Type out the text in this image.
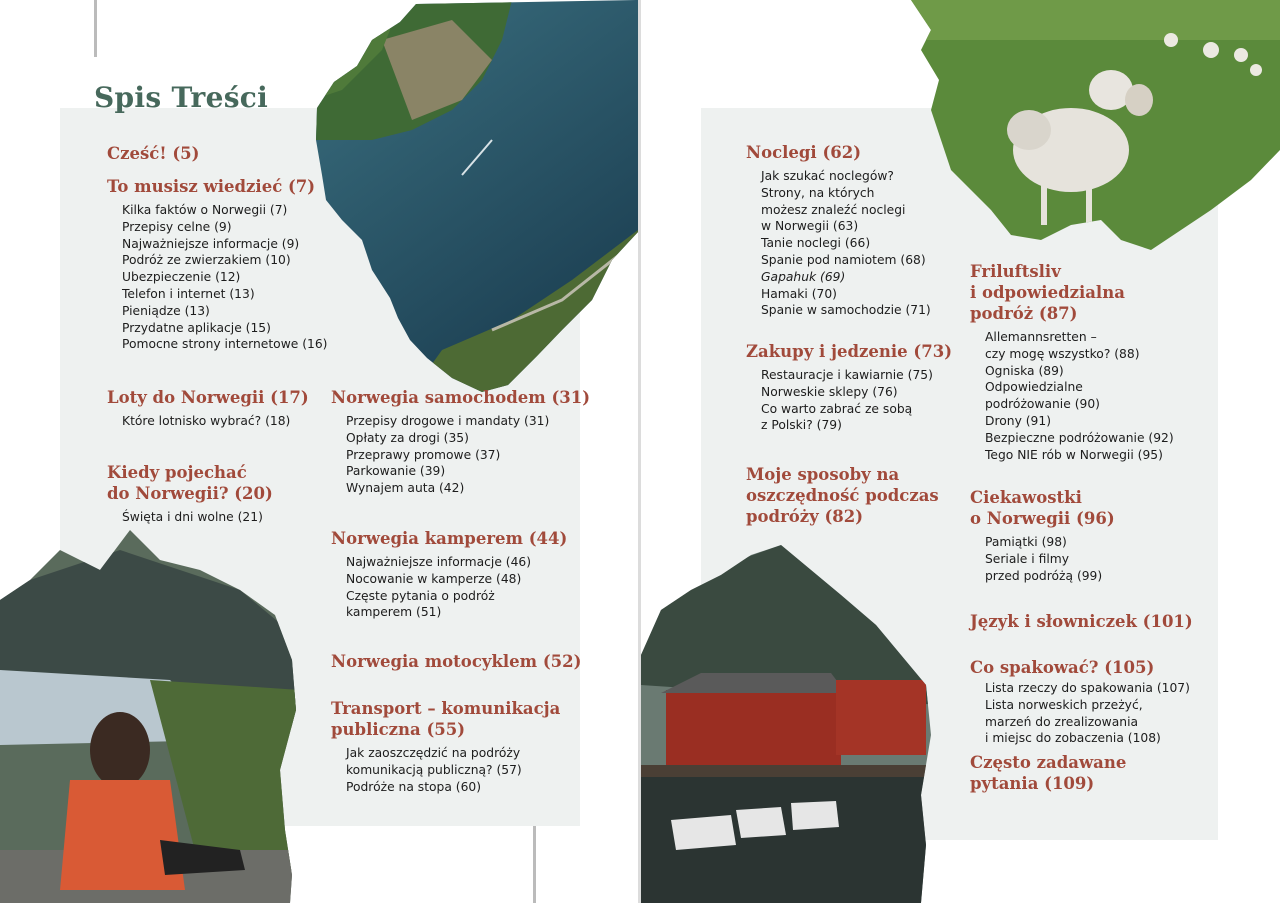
Spis Treści

Cześć! (5)

To musisz wiedzieć (7)

Kilka faktów o Norwegii (7)
Przepisy celne (9)
Najważniejsze informacje (9)
Podróż ze zwierzakiem (10)
Ubezpieczenie (12)
Telefon i internet (13)
Pieniądze (13)
Przydatne aplikacje (15)
Pomocne strony internetowe (16)

Loty do Norwegii (17)

Które lotnisko wybrać? (18)

Kiedy pojechać
do Norwegii? (20)

Święta i dni wolne (21)

Norwegia samochodem (31)

Przepisy drogowe i mandaty (31)
Opłaty za drogi (35)
Przeprawy promowe (37)
Parkowanie (39)
Wynajem auta (42)

Norwegia kamperem (44)

Najważniejsze informacje (46)
Nocowanie w kamperze (48)
Częste pytania o podróż
kamperem (51)

Norwegia motocyklem (52)

Transport – komunikacja
publiczna (55)

Jak zaoszczędzić na podróży
komunikacją publiczną? (57)
Podróże na stopa (60)

Noclegi (62)

Jak szukać noclegów?
Strony, na których
możesz znaleźć noclegi
w Norwegii (63)
Tanie noclegi (66)
Spanie pod namiotem (68)
Gapahuk (69)
Hamaki (70)
Spanie w samochodzie (71)

Zakupy i jedzenie (73)

Restauracje i kawiarnie (75)
Norweskie sklepy (76)
Co warto zabrać ze sobą
z Polski? (79)

Moje sposoby na
oszczędność podczas
podróży (82)

Friluftsliv
i odpowiedzialna
podróż (87)

Allemannsretten –
czy mogę wszystko? (88)
Ogniska (89)
Odpowiedzialne
podróżowanie (90)
Drony (91)
Bezpieczne podróżowanie (92)
Tego NIE rób w Norwegii (95)

Ciekawostki
o Norwegii (96)

Pamiątki (98)
Seriale i filmy
przed podróżą (99)

Język i słowniczek (101)

Co spakować? (105)

Lista rzeczy do spakowania (107)
Lista norweskich przeżyć,
marzeń do zrealizowania
i miejsc do zobaczenia (108)

Często zadawane
pytania (109)
